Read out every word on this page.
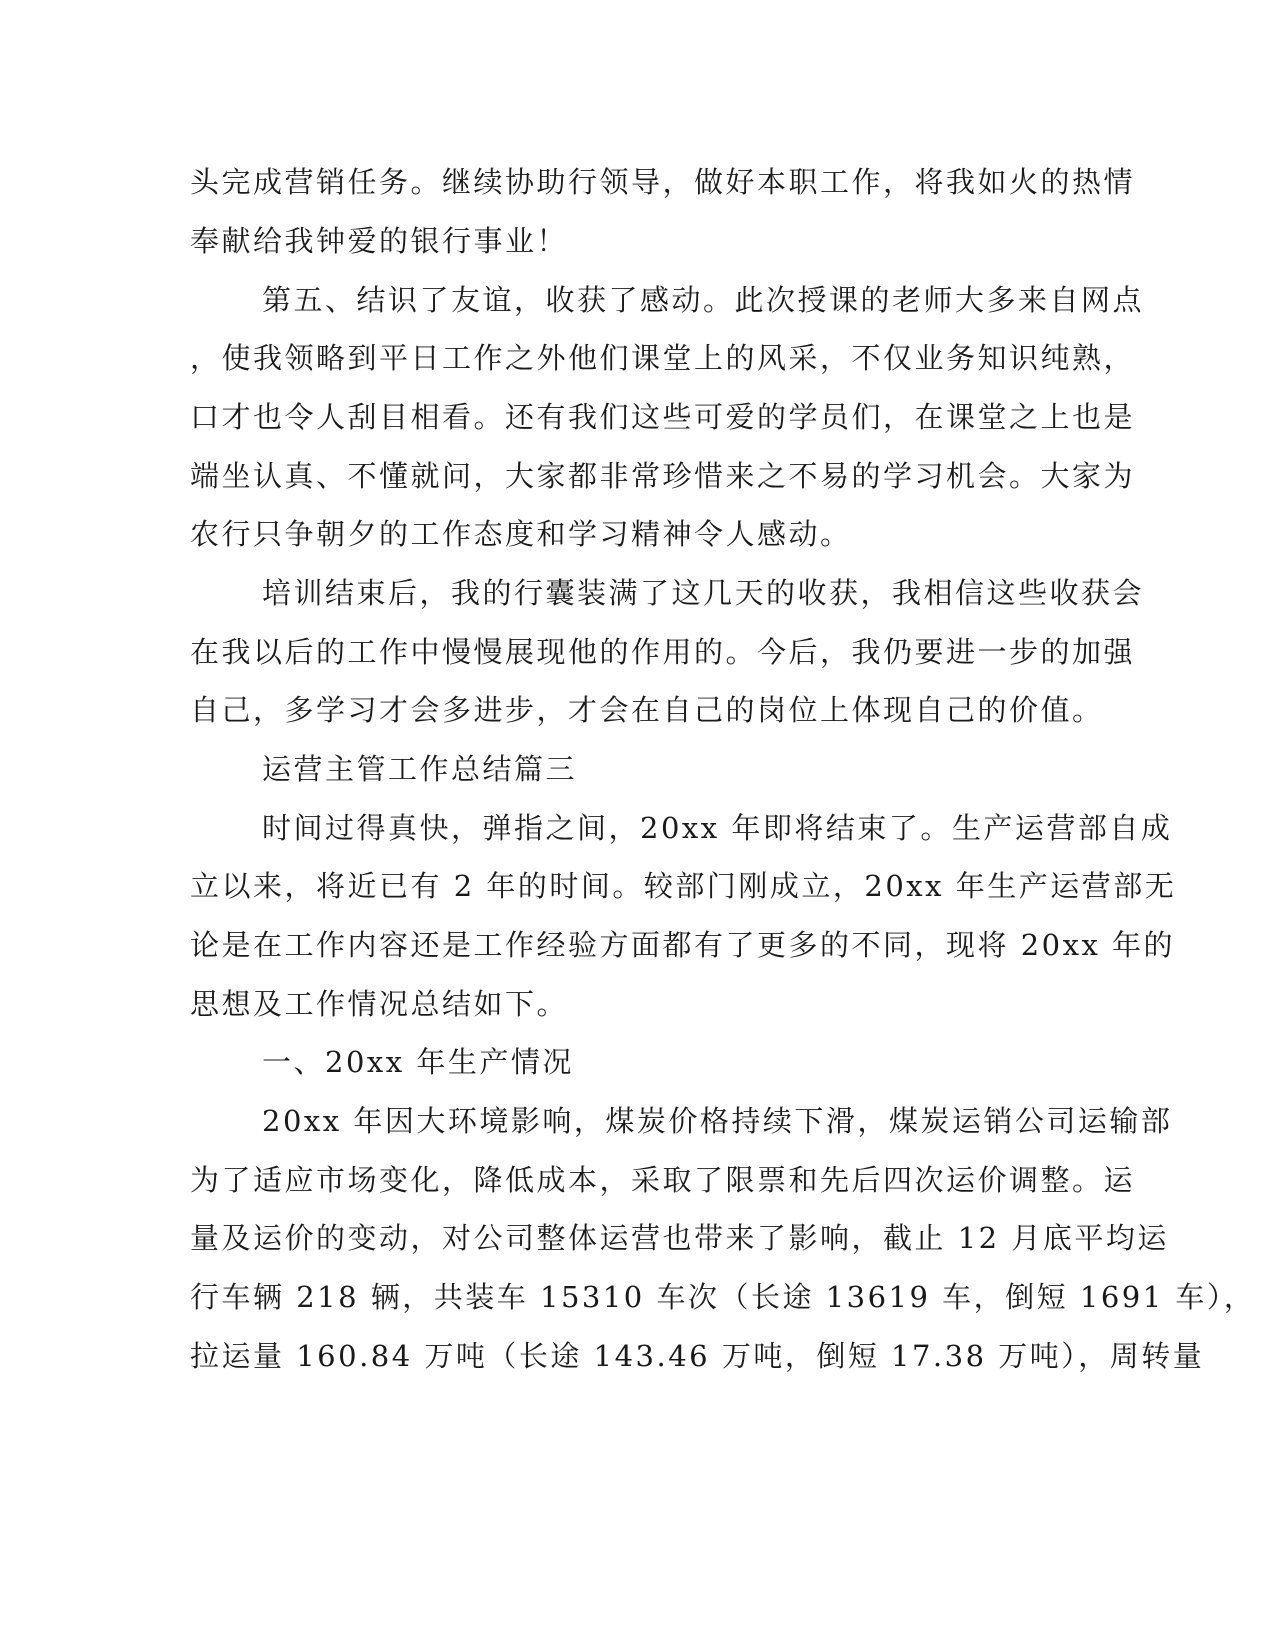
头完成营销任务。继续协助行领导，做好本职工作，将我如火的热情
奉献给我钟爱的银行事业！
第五、结识了友谊，收获了感动。此次授课的老师大多来自网点
，使我领略到平日工作之外他们课堂上的风采，不仅业务知识纯熟，
口才也令人刮目相看。还有我们这些可爱的学员们，在课堂之上也是
端坐认真、不懂就问，大家都非常珍惜来之不易的学习机会。大家为
农行只争朝夕的工作态度和学习精神令人感动。
培训结束后，我的行囊装满了这几天的收获，我相信这些收获会
在我以后的工作中慢慢展现他的作用的。今后，我仍要进一步的加强
自己，多学习才会多进步，才会在自己的岗位上体现自己的价值。
运营主管工作总结篇三
时间过得真快，弹指之间，20xx 年即将结束了。生产运营部自成
立以来，将近已有 2 年的时间。较部门刚成立，20xx 年生产运营部无
论是在工作内容还是工作经验方面都有了更多的不同，现将 20xx 年的
思想及工作情况总结如下。
一、20xx 年生产情况
20xx 年因大环境影响，煤炭价格持续下滑，煤炭运销公司运输部
为了适应市场变化，降低成本，采取了限票和先后四次运价调整。运
量及运价的变动，对公司整体运营也带来了影响，截止 12 月底平均运
行车辆 218 辆，共装车 15310 车次（长途 13619 车，倒短 1691 车），
拉运量 160.84 万吨（长途 143.46 万吨，倒短 17.38 万吨），周转量
